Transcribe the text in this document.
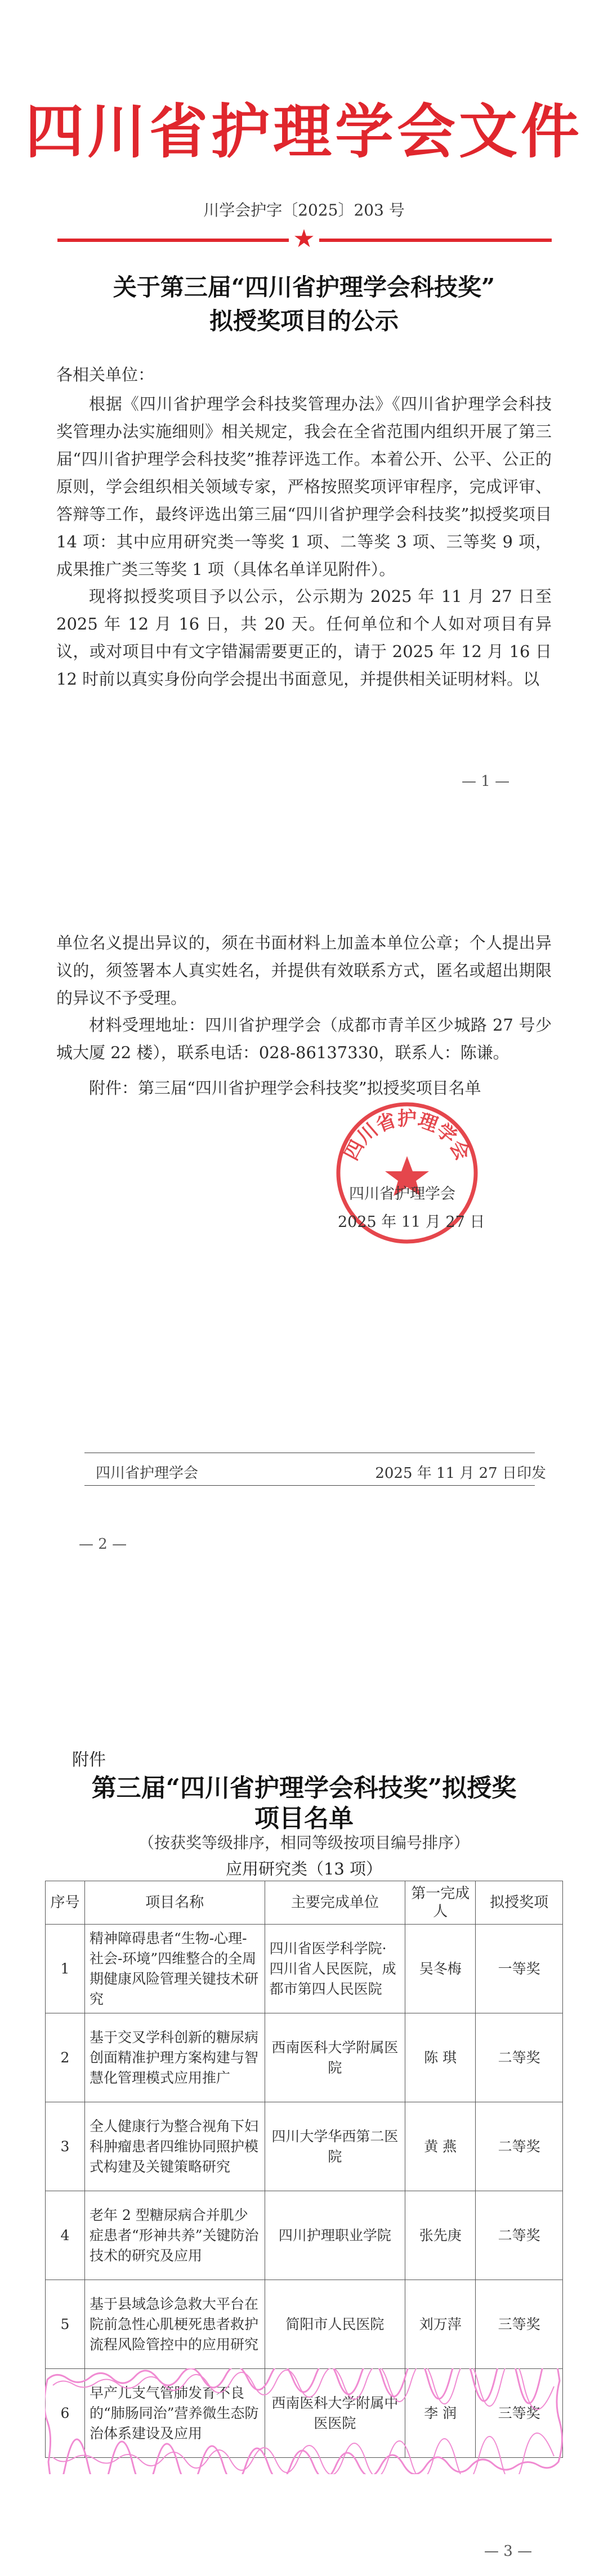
四川省护理学会文件
川学会护字〔2025〕203 号
★
关于第三届“四川省护理学会科技奖”
拟授奖项目的公示
各相关单位：
根据《四川省护理学会科技奖管理办法》《四川省护理学会科技奖管理办法实施细则》相关规定，我会在全省范围内组织开展了第三届“四川省护理学会科技奖”推荐评选工作。本着公开、公平、公正的原则，学会组织相关领域专家，严格按照奖项评审程序，完成评审、答辩等工作，最终评选出第三届“四川省护理学会科技奖”拟授奖项目 14 项：其中应用研究类一等奖 1 项、二等奖 3 项、三等奖 9 项，成果推广类三等奖 1 项（具体名单详见附件）。
现将拟授奖项目予以公示，公示期为 2025 年 11 月 27 日至 2025 年 12 月 16 日，共 20 天。任何单位和个人如对项目有异议，或对项目中有文字错漏需要更正的，请于 2025 年 12 月 16 日 12 时前以真实身份向学会提出书面意见，并提供相关证明材料。以
— 1 —
单位名义提出异议的，须在书面材料上加盖本单位公章；个人提出异议的，须签署本人真实姓名，并提供有效联系方式，匿名或超出期限的异议不予受理。
材料受理地址：四川省护理学会（成都市青羊区少城路 27 号少城大厦 22 楼），联系电话：028-86137330，联系人：陈谦。
附件：第三届“四川省护理学会科技奖”拟授奖项目名单
四川省护理学会
四川省护理学会
2025 年 11 月 27 日
四川省护理学会	2025 年 11 月 27 日印发
— 2 —
附件
第三届“四川省护理学会科技奖”拟授奖
项目名单
（按获奖等级排序，相同等级按项目编号排序）
应用研究类（13 项）
序号	项目名称	主要完成单位	第一完成人	拟授奖项
1	精神障碍患者“生物-心理-社会-环境”四维整合的全周期健康风险管理关键技术研究	四川省医学科学院·四川省人民医院，成都市第四人民医院	吴冬梅	一等奖
2	基于交叉学科创新的糖尿病创面精准护理方案构建与智慧化管理模式应用推广	西南医科大学附属医院	陈 琪	二等奖
3	全人健康行为整合视角下妇科肿瘤患者四维协同照护模式构建及关键策略研究	四川大学华西第二医院	黄 燕	二等奖
4	老年 2 型糖尿病合并肌少症患者“形神共养”关键防治技术的研究及应用	四川护理职业学院	张先庚	二等奖
5	基于县域急诊急救大平台在院前急性心肌梗死患者救护流程风险管控中的应用研究	简阳市人民医院	刘万萍	三等奖
6	早产儿支气管肺发育不良的“肺肠同治”营养微生态防治体系建设及应用	西南医科大学附属中医医院	李 润	三等奖
— 3 —
